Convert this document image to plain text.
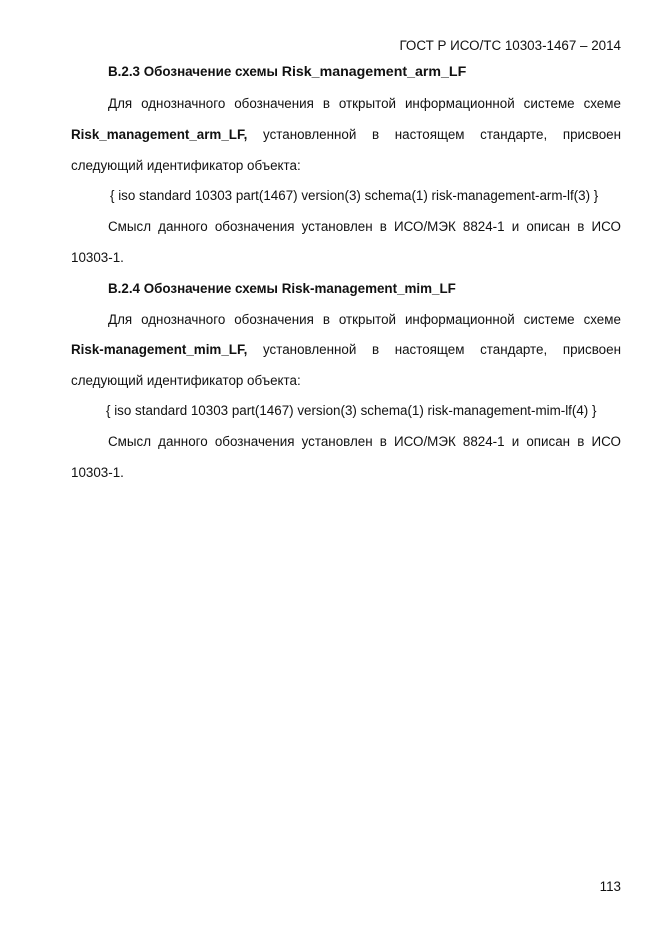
ГОСТ Р ИСО/ТС 10303-1467 – 2014
B.2.3 Обозначение схемы Risk_management_arm_LF
Для однозначного обозначения в открытой информационной системе схеме
Risk_management_arm_LF, установленной в настоящем стандарте, присвоен
следующий идентификатор объекта:
{ iso standard 10303 part(1467) version(3) schema(1) risk-management-arm-lf(3) }
Смысл данного обозначения установлен в ИСО/МЭК 8824-1 и описан в ИСО
10303-1.
B.2.4 Обозначение схемы Risk-management_mim_LF
Для однозначного обозначения в открытой информационной системе схеме
Risk-management_mim_LF, установленной в настоящем стандарте, присвоен
следующий идентификатор объекта:
{ iso standard 10303 part(1467) version(3) schema(1) risk-management-mim-lf(4) }
Смысл данного обозначения установлен в ИСО/МЭК 8824-1 и описан в ИСО
10303-1.
113
